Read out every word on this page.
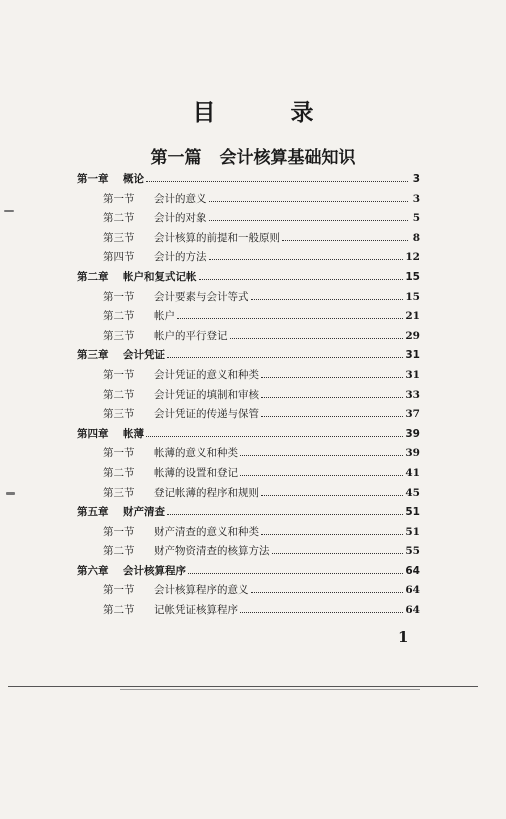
目　录
第一篇 会计核算基础知识
第一章	概论	3
第一节	会计的意义	3
第二节	会计的对象	5
第三节	会计核算的前提和一般原则	8
第四节	会计的方法	12
第二章	帐户和复式记帐	15
第一节	会计要素与会计等式	15
第二节	帐户	21
第三节	帐户的平行登记	29
第三章	会计凭证	31
第一节	会计凭证的意义和种类	31
第二节	会计凭证的填制和审核	33
第三节	会计凭证的传递与保管	37
第四章	帐薄	39
第一节	帐薄的意义和种类	39
第二节	帐薄的设置和登记	41
第三节	登记帐薄的程序和规则	45
第五章	财产清查	51
第一节	财产清查的意义和种类	51
第二节	财产物资清查的核算方法	55
第六章	会计核算程序	64
第一节	会计核算程序的意义	64
第二节	记帐凭证核算程序	64
1
